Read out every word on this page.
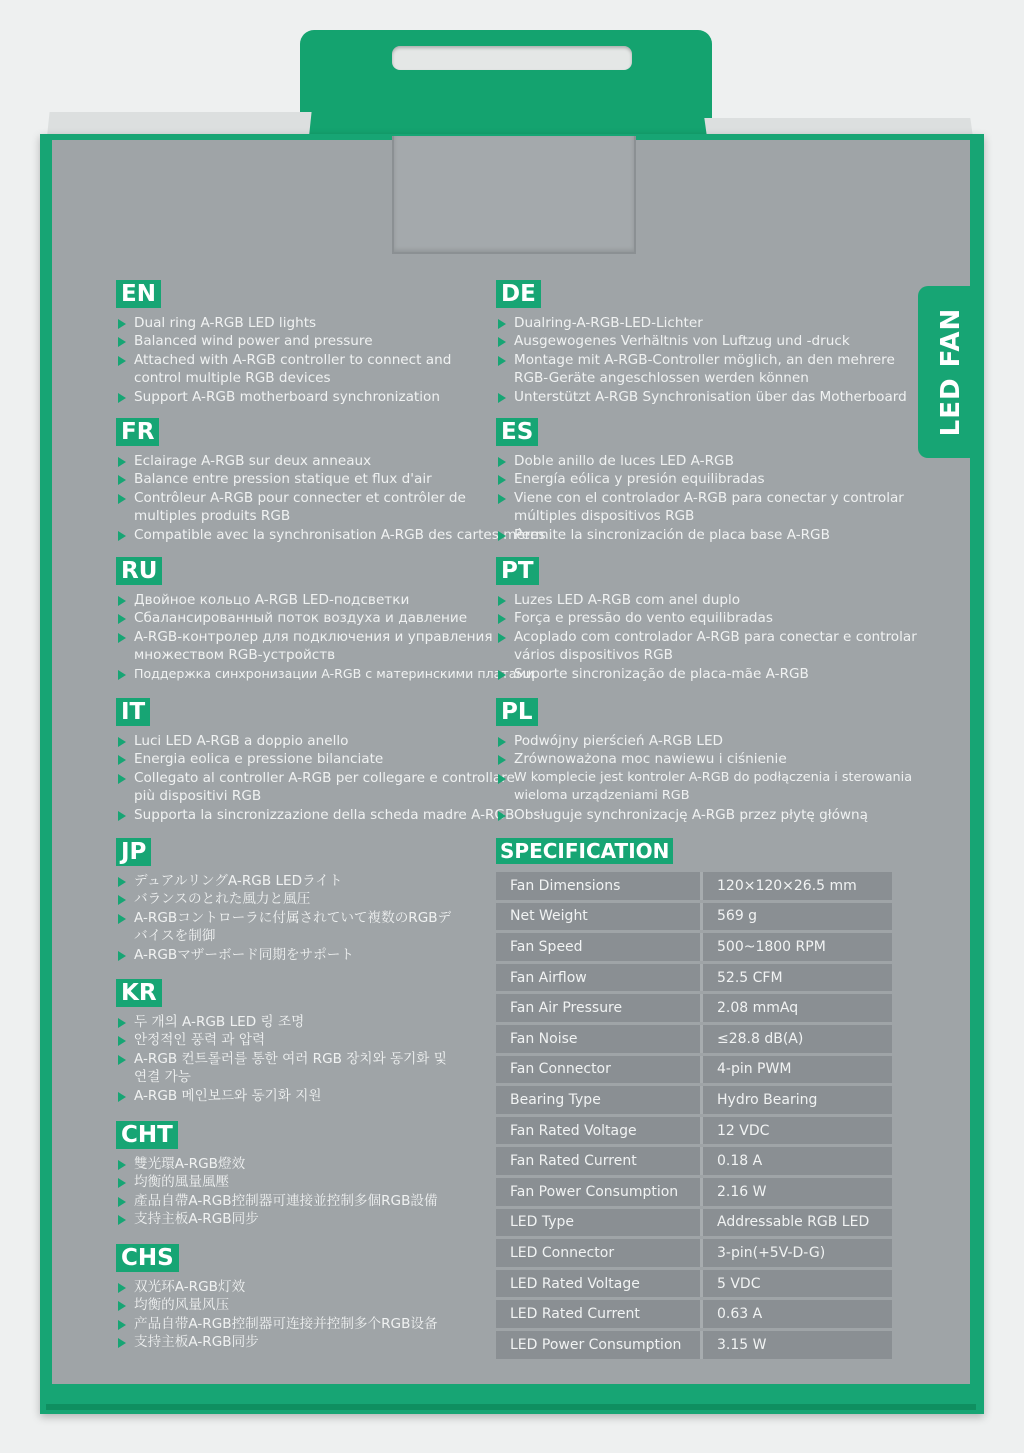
LED FAN
EN
Dual ring A-RGB LED lights
Balanced wind power and pressure
Attached with A-RGB controller to connect and
control multiple RGB devices
Support A-RGB motherboard synchronization
FR
Eclairage A-RGB sur deux anneaux
Balance entre pression statique et flux d'air
Contrôleur A-RGB pour connecter et contrôler de
multiples produits RGB
Compatible avec la synchronisation A-RGB des cartes mères
RU
Двойное кольцо A-RGB LED-подсветки
Сбалансированный поток воздуха и давление
A-RGB-контролер для подключения и управления
множеством RGB-устройств
Поддержка синхронизации A-RGB с материнскими платами
IT
Luci LED A-RGB a doppio anello
Energia eolica e pressione bilanciate
Collegato al controller A-RGB per collegare e controllare
più dispositivi RGB
Supporta la sincronizzazione della scheda madre A-RGB
JP
デュアルリングA-RGB LEDライト
バランスのとれた風力と風圧
A-RGBコントローラに付属されていて複数のRGBデ
バイスを制御
A-RGBマザーボード同期をサポート
KR
두 개의 A-RGB LED 링 조명
안정적인 풍력 과 압력
A-RGB 컨트롤러를 통한 여러 RGB 장치와 동기화 및
연결 가능
A-RGB 메인보드와 동기화 지원
CHT
雙光環A-RGB燈效
均衡的風量風壓
產品自帶A-RGB控制器可連接並控制多個RGB設備
支持主板A-RGB同步
CHS
双光环A-RGB灯效
均衡的风量风压
产品自带A-RGB控制器可连接并控制多个RGB设备
支持主板A-RGB同步
DE
Dualring-A-RGB-LED-Lichter
Ausgewogenes Verhältnis von Luftzug und -druck
Montage mit A-RGB-Controller möglich, an den mehrere
RGB-Geräte angeschlossen werden können
Unterstützt A-RGB Synchronisation über das Motherboard
ES
Doble anillo de luces LED A-RGB
Energía eólica y presión equilibradas
Viene con el controlador A-RGB para conectar y controlar
múltiples dispositivos RGB
Permite la sincronización de placa base A-RGB
PT
Luzes LED A-RGB com anel duplo
Força e pressão do vento equilibradas
Acoplado com controlador A-RGB para conectar e controlar
vários dispositivos RGB
Suporte sincronização de placa-mãe A-RGB
PL
Podwójny pierścień A-RGB LED
Zrównoważona moc nawiewu i ciśnienie
W komplecie jest kontroler A-RGB do podłączenia i sterowania
wieloma urządzeniami RGB
Obsługuje synchronizację A-RGB przez płytę główną
SPECIFICATION
Fan Dimensions	120×120×26.5 mm
Net Weight	569 g
Fan Speed	500~1800 RPM
Fan Airflow	52.5 CFM
Fan Air Pressure	2.08 mmAq
Fan Noise	≤28.8 dB(A)
Fan Connector	4-pin PWM
Bearing Type	Hydro Bearing
Fan Rated Voltage	12 VDC
Fan Rated Current	0.18 A
Fan Power Consumption	2.16 W
LED Type	Addressable RGB LED
LED Connector	3-pin(+5V-D-G)
LED Rated Voltage	5 VDC
LED Rated Current	0.63 A
LED Power Consumption	3.15 W
